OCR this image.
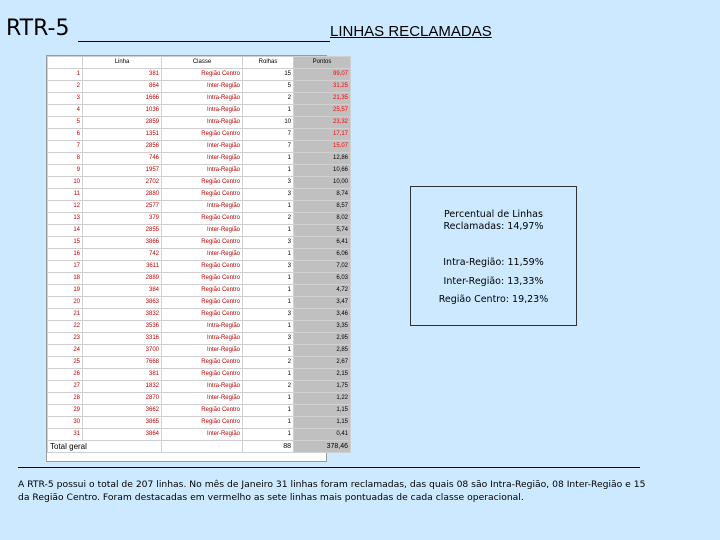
RTR-5	LINHAS RECLAMADAS
	Linha	Classe	Rolhas	Pontos
1	381	Região Centro	15	99,07
2	864	Inter-Região	5	31,25
3	1666	Intra-Região	2	21,35
4	1036	Intra-Região	1	25,57
5	2859	Intra-Região	10	23,32
6	1351	Região Centro	7	17,17
7	2856	Inter-Região	7	15,07
8	746	Inter-Região	1	12,86
9	1957	Intra-Região	1	10,66
10	2702	Região Centro	3	10,00
11	2880	Região Centro	3	8,74
12	2577	Intra-Região	1	8,57
13	379	Região Centro	2	8,02
14	2855	Inter-Região	1	5,74
15	3866	Região Centro	3	6,41
16	742	Inter-Região	1	6,06
17	3611	Região Centro	3	7,02
18	2889	Região Centro	1	6,03
19	384	Região Centro	1	4,72
20	3863	Região Centro	1	3,47
21	3832	Região Centro	3	3,46
22	3536	Intra-Região	1	3,35
23	3316	Intra-Região	3	2,95
24	3700	Inter-Região	1	2,85
25	7668	Região Centro	2	2,67
26	381	Região Centro	1	2,15
27	1832	Intra-Região	2	1,75
28	2870	Inter-Região	1	1,22
29	3662	Região Centro	1	1,15
30	3865	Região Centro	1	1,15
31	3864	Inter-Região	1	0,41
Total geral			88	378,46
Percentual de Linhas
Reclamadas: 14,97%
Intra-Região: 11,59%
Inter-Região: 13,33%
Região Centro: 19,23%
A RTR-5 possui o total de 207 linhas. No mês de Janeiro 31 linhas foram reclamadas, das quais 08 são Intra-Região, 08 Inter-Região e 15 da Região Centro. Foram destacadas em vermelho as sete linhas mais pontuadas de cada classe operacional.
